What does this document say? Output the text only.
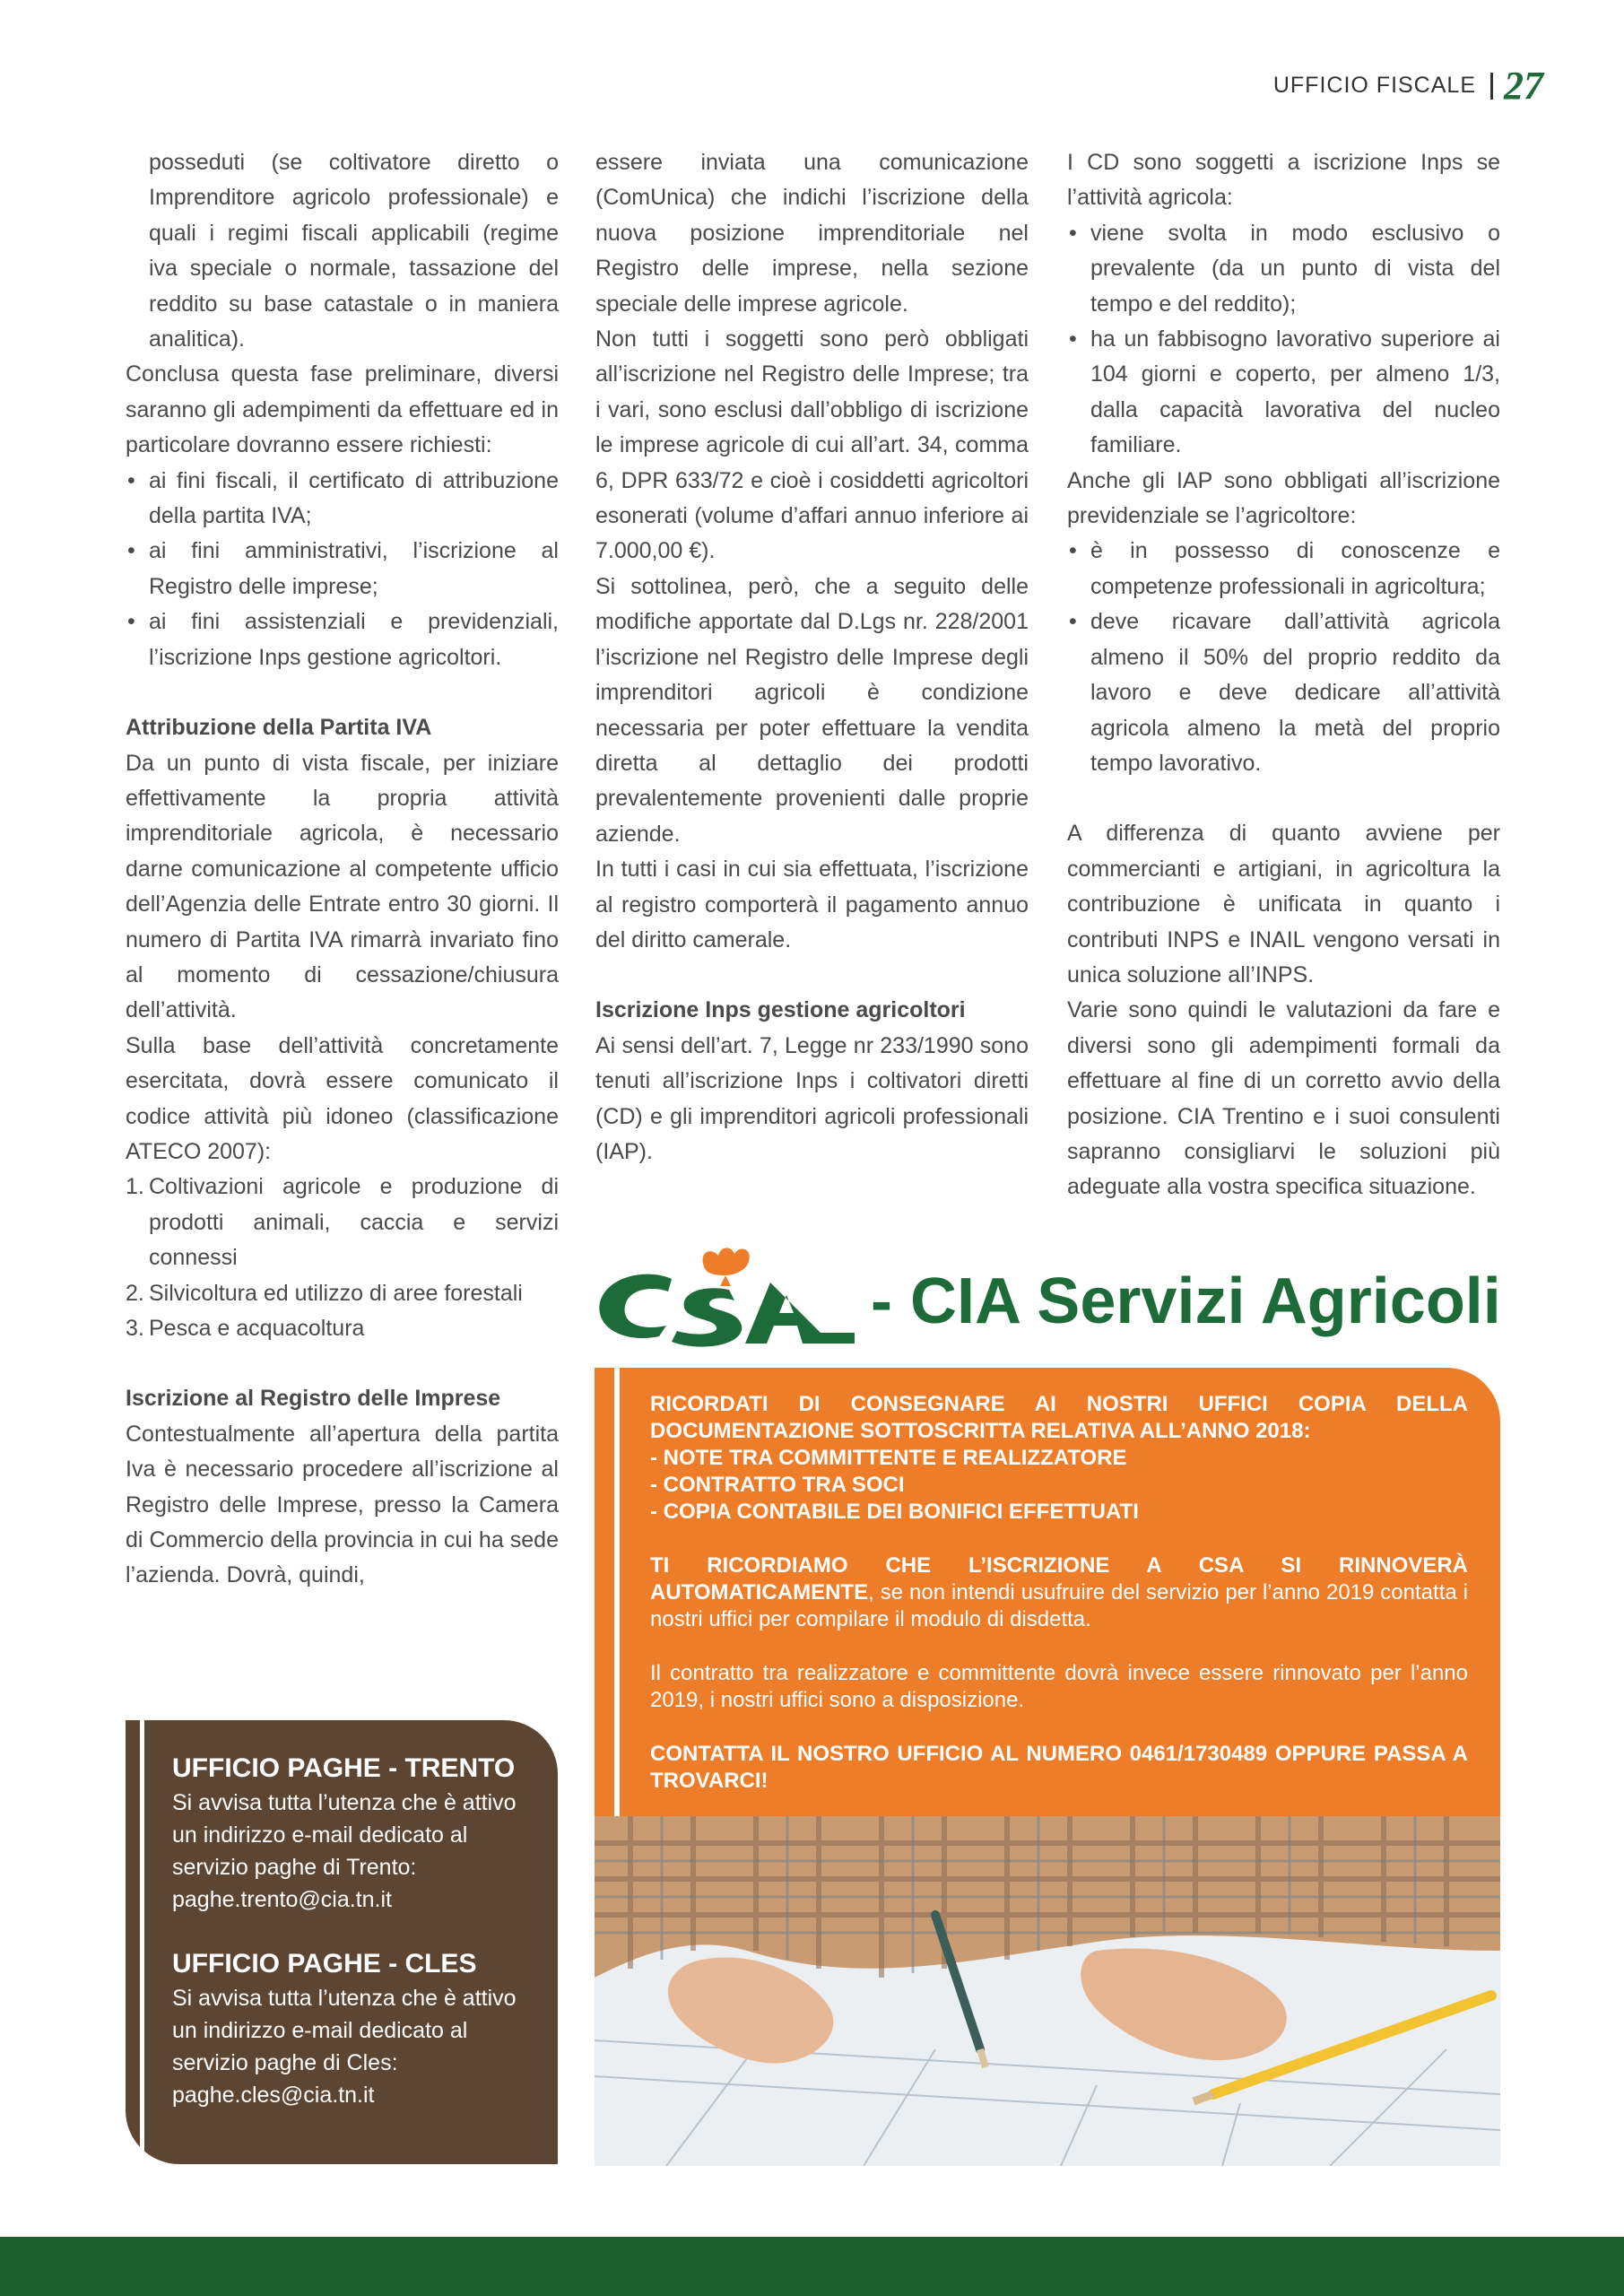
UFFICIO FISCALE 27

posseduti (se coltivatore diretto o Imprenditore agricolo professionale) e quali i regimi fiscali applicabili (regime iva speciale o normale, tassazione del reddito su base catastale o in maniera analitica).

Conclusa questa fase preliminare, diversi saranno gli adempimenti da effettuare ed in particolare dovranno essere richiesti:

• ai fini fiscali, il certificato di attribuzione della partita IVA;
• ai fini amministrativi, l’iscrizione al Registro delle imprese;
• ai fini assistenziali e previdenziali, l’iscrizione Inps gestione agricoltori.

Attribuzione della Partita IVA

Da un punto di vista fiscale, per iniziare effettivamente la propria attività imprenditoriale agricola, è necessario darne comunicazione al competente ufficio dell’Agenzia delle Entrate entro 30 giorni. Il numero di Partita IVA rimarrà invariato fino al momento di cessazione/chiusura dell’attività.

Sulla base dell’attività concretamente esercitata, dovrà essere comunicato il codice attività più idoneo (classificazione ATECO 2007):

1. Coltivazioni agricole e produzione di prodotti animali, caccia e servizi connessi
2. Silvicoltura ed utilizzo di aree forestali
3. Pesca e acquacoltura

Iscrizione al Registro delle Imprese

Contestualmente all’apertura della partita Iva è necessario procedere all’iscrizione al Registro delle Imprese, presso la Camera di Commercio della provincia in cui ha sede l’azienda. Dovrà, quindi,

essere inviata una comunicazione (ComUnica) che indichi l’iscrizione della nuova posizione imprenditoriale nel Registro delle imprese, nella sezione speciale delle imprese agricole.

Non tutti i soggetti sono però obbligati all’iscrizione nel Registro delle Imprese; tra i vari, sono esclusi dall’obbligo di iscrizione le imprese agricole di cui all’art. 34, comma 6, DPR 633/72 e cioè i cosiddetti agricoltori esonerati (volume d’affari annuo inferiore ai 7.000,00 €).

Si sottolinea, però, che a seguito delle modifiche apportate dal D.Lgs nr. 228/2001 l’iscrizione nel Registro delle Imprese degli imprenditori agricoli è condizione necessaria per poter effettuare la vendita diretta al dettaglio dei prodotti prevalentemente provenienti dalle proprie aziende.

In tutti i casi in cui sia effettuata, l’iscrizione al registro comporterà il pagamento annuo del diritto camerale.

Iscrizione Inps gestione agricoltori

Ai sensi dell’art. 7, Legge nr 233/1990 sono tenuti all’iscrizione Inps i coltivatori diretti (CD) e gli imprenditori agricoli professionali (IAP).

I CD sono soggetti a iscrizione Inps se l’attività agricola:

• viene svolta in modo esclusivo o prevalente (da un punto di vista del tempo e del reddito);
• ha un fabbisogno lavorativo superiore ai 104 giorni e coperto, per almeno 1/3, dalla capacità lavorativa del nucleo familiare.

Anche gli IAP sono obbligati all’iscrizione previdenziale se l’agricoltore:

• è in possesso di conoscenze e competenze professionali in agricoltura;
• deve ricavare dall’attività agricola almeno il 50% del proprio reddito da lavoro e deve dedicare all’attività agricola almeno la metà del proprio tempo lavorativo.

A differenza di quanto avviene per commercianti e artigiani, in agricoltura la contribuzione è unificata in quanto i contributi INPS e INAIL vengono versati in unica soluzione all’INPS.

Varie sono quindi le valutazioni da fare e diversi sono gli adempimenti formali da effettuare al fine di un corretto avvio della posizione. CIA Trentino e i suoi consulenti sapranno consigliarvi le soluzioni più adeguate alla vostra specifica situazione.

CSA
- CIA Servizi Agricoli

RICORDATI DI CONSEGNARE AI NOSTRI UFFICI COPIA DELLA DOCUMENTAZIONE SOTTOSCRITTA RELATIVA ALL’ANNO 2018:

- NOTE TRA COMMITTENTE E REALIZZATORE

- CONTRATTO TRA SOCI

- COPIA CONTABILE DEI BONIFICI EFFETTUATI

TI RICORDIAMO CHE L’ISCRIZIONE A CSA SI RINNOVERÀ AUTOMATICAMENTE, se non intendi usufruire del servizio per l’anno 2019 contatta i nostri uffici per compilare il modulo di disdetta.

Il contratto tra realizzatore e committente dovrà invece essere rinnovato per l’anno 2019, i nostri uffici sono a disposizione.

CONTATTA IL NOSTRO UFFICIO AL NUMERO 0461/1730489 OPPURE PASSA A TROVARCI!

UFFICIO PAGHE - TRENTO

Si avvisa tutta l’utenza che è attivo un indirizzo e-mail dedicato al servizio paghe di Trento: paghe.trento@cia.tn.it

UFFICIO PAGHE - CLES

Si avvisa tutta l’utenza che è attivo un indirizzo e-mail dedicato al servizio paghe di Cles: paghe.cles@cia.tn.it
